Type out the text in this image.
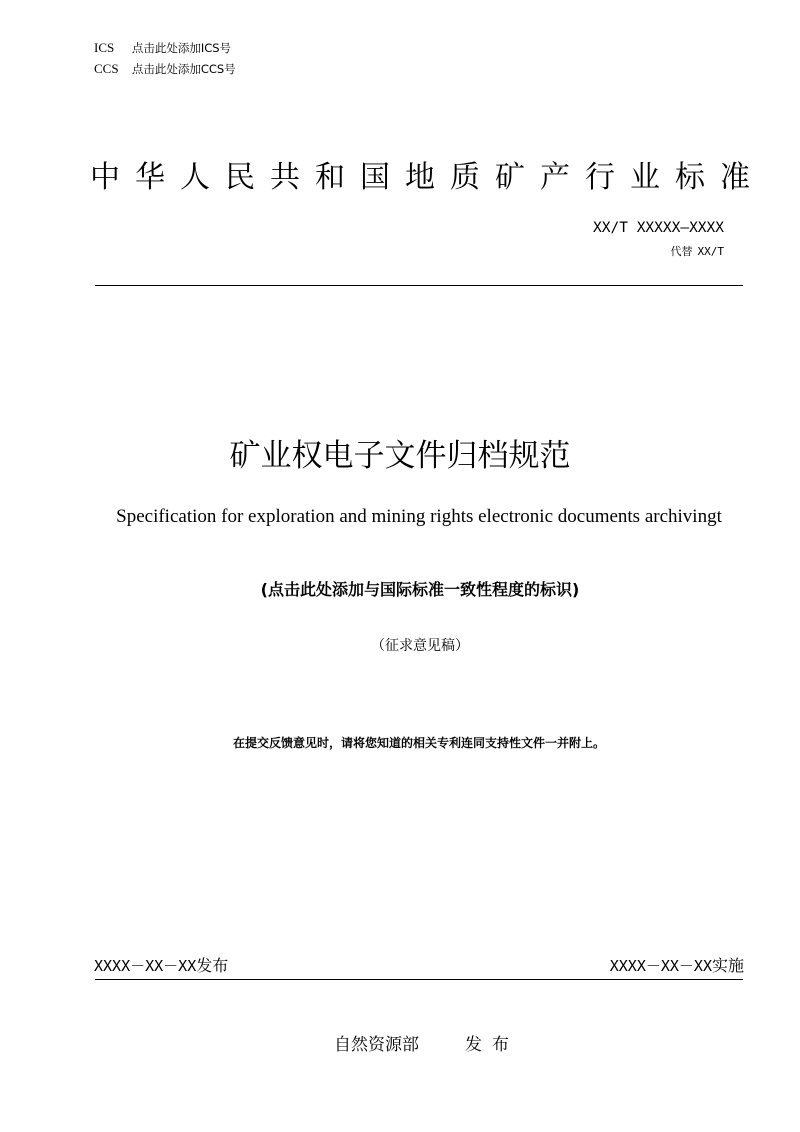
ICS 点击此处添加ICS号
CCS 点击此处添加CCS号
中 华 人 民 共 和 国 地 质 矿 产 行 业 标 准
XX/T XXXXX—XXXX
代替 XX/T
矿业权电子文件归档规范
Specification for exploration and mining rights electronic documents archivingt
(点击此处添加与国际标准一致性程度的标识)
（征求意见稿）
在提交反馈意见时，请将您知道的相关专利连同支持性文件一并附上。
XXXX－XX－XX发布	XXXX－XX－XX实施
自然资源部	发布
